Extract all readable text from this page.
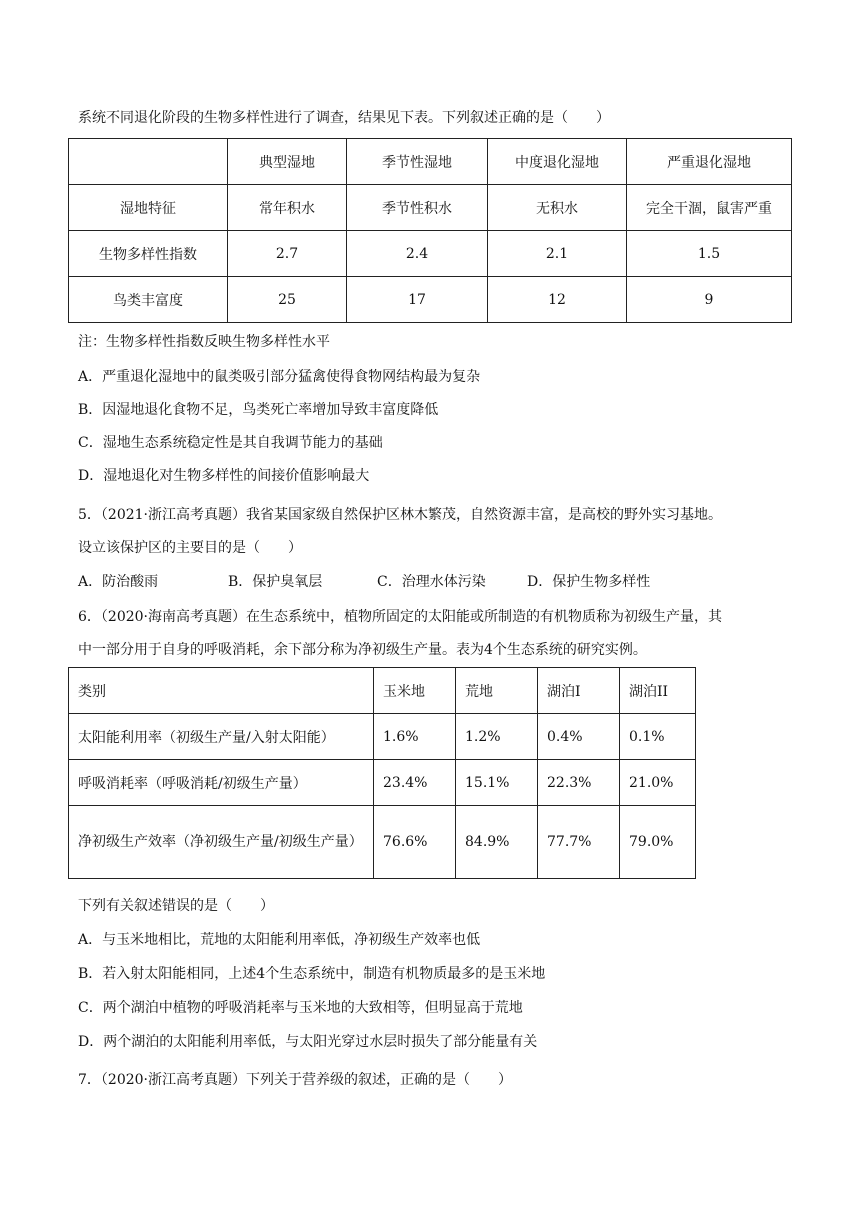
系统不同退化阶段的生物多样性进行了调查，结果见下表。下列叙述正确的是（　　）
	典型湿地	季节性湿地	中度退化湿地	严重退化湿地
湿地特征	常年积水	季节性积水	无积水	完全干涸，鼠害严重
生物多样性指数	2.7	2.4	2.1	1.5
鸟类丰富度	25	17	12	9
注：生物多样性指数反映生物多样性水平
A．严重退化湿地中的鼠类吸引部分猛禽使得食物网结构最为复杂
B．因湿地退化食物不足，鸟类死亡率增加导致丰富度降低
C．湿地生态系统稳定性是其自我调节能力的基础
D．湿地退化对生物多样性的间接价值影响最大
5．（2021·浙江高考真题）我省某国家级自然保护区林木繁茂，自然资源丰富，是高校的野外实习基地。
设立该保护区的主要目的是（　　）
A．防治酸雨	B．保护臭氧层	C．治理水体污染	D．保护生物多样性
6．（2020·海南高考真题）在生态系统中，植物所固定的太阳能或所制造的有机物质称为初级生产量，其
中一部分用于自身的呼吸消耗，余下部分称为净初级生产量。表为4个生态系统的研究实例。
类别	玉米地	荒地	湖泊I	湖泊II
太阳能利用率（初级生产量/入射太阳能）	1.6%	1.2%	0.4%	0.1%
呼吸消耗率（呼吸消耗/初级生产量）	23.4%	15.1%	22.3%	21.0%
净初级生产效率（净初级生产量/初级生产量）	76.6%	84.9%	77.7%	79.0%
下列有关叙述错误的是（　　）
A．与玉米地相比，荒地的太阳能利用率低，净初级生产效率也低
B．若入射太阳能相同，上述4个生态系统中，制造有机物质最多的是玉米地
C．两个湖泊中植物的呼吸消耗率与玉米地的大致相等，但明显高于荒地
D．两个湖泊的太阳能利用率低，与太阳光穿过水层时损失了部分能量有关
7．（2020·浙江高考真题）下列关于营养级的叙述，正确的是（　　）
